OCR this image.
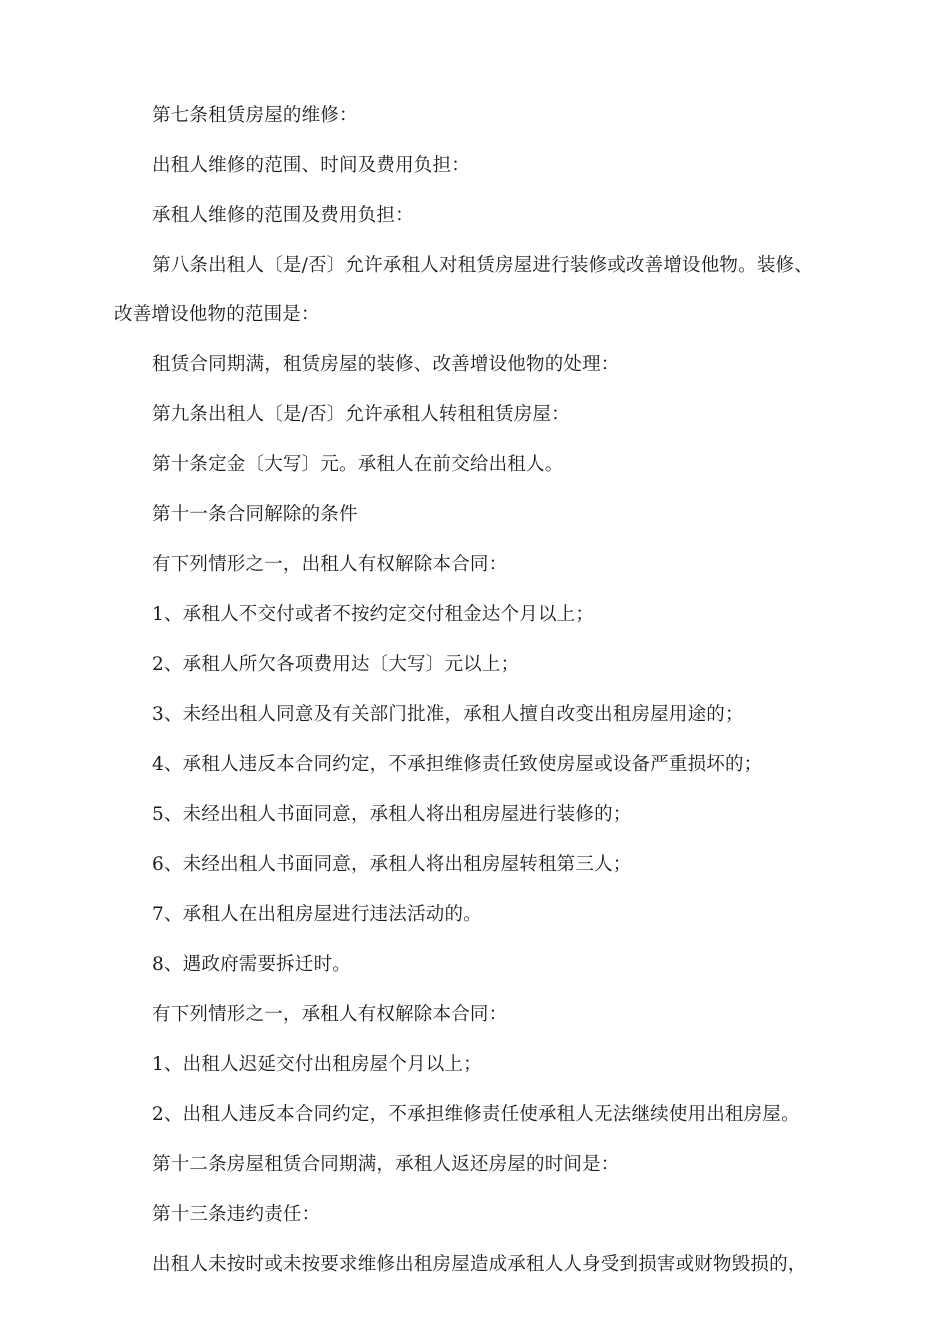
第七条租赁房屋的维修：
出租人维修的范围、时间及费用负担：
承租人维修的范围及费用负担：
第八条出租人〔是/否〕允许承租人对租赁房屋进行装修或改善增设他物。装修、
改善增设他物的范围是：
租赁合同期满，租赁房屋的装修、改善增设他物的处理：
第九条出租人〔是/否〕允许承租人转租租赁房屋：
第十条定金〔大写〕元。承租人在前交给出租人。
第十一条合同解除的条件
有下列情形之一，出租人有权解除本合同：
1、承租人不交付或者不按约定交付租金达个月以上；
2、承租人所欠各项费用达〔大写〕元以上；
3、未经出租人同意及有关部门批准，承租人擅自改变出租房屋用途的；
4、承租人违反本合同约定，不承担维修责任致使房屋或设备严重损坏的；
5、未经出租人书面同意，承租人将出租房屋进行装修的；
6、未经出租人书面同意，承租人将出租房屋转租第三人；
7、承租人在出租房屋进行违法活动的。
8、遇政府需要拆迁时。
有下列情形之一，承租人有权解除本合同：
1、出租人迟延交付出租房屋个月以上；
2、出租人违反本合同约定，不承担维修责任使承租人无法继续使用出租房屋。
第十二条房屋租赁合同期满，承租人返还房屋的时间是：
第十三条违约责任：
出租人未按时或未按要求维修出租房屋造成承租人人身受到损害或财物毁损的，
